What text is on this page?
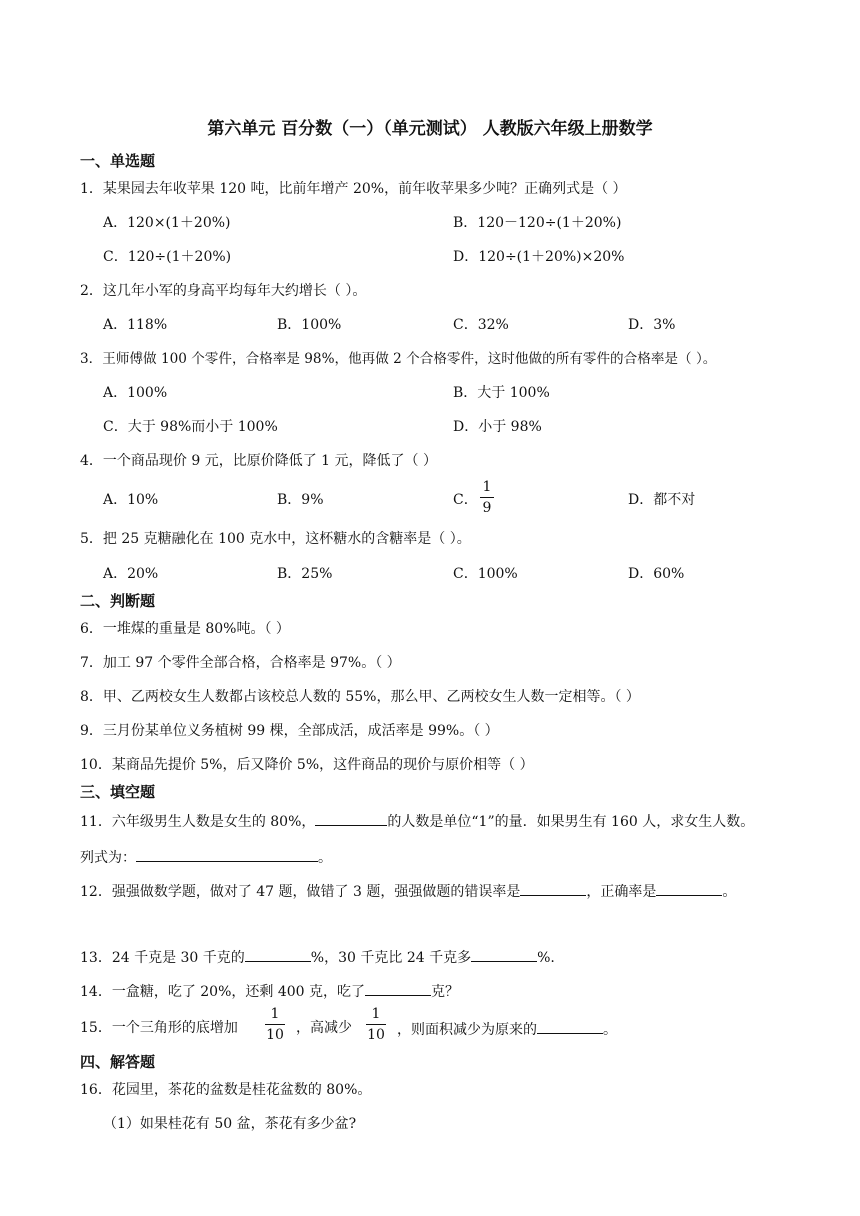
第六单元 百分数（一）（单元测试） 人教版六年级上册数学
一、单选题
1．某果园去年收苹果 120 吨，比前年增产 20%，前年收苹果多少吨？正确列式是（ ）
A．120×(1＋20%)	B．120－120÷(1＋20%)
C．120÷(1＋20%)	D．120÷(1＋20%)×20%
2．这几年小军的身高平均每年大约增长（ ）。
A．118%	B．100%	C．32%	D．3%
3．王师傅做 100 个零件，合格率是 98%，他再做 2 个合格零件，这时他做的所有零件的合格率是（ ）。
A．100%	B．大于 100%
C．大于 98%而小于 100%	D．小于 98%
4．一个商品现价 9 元，比原价降低了 1 元，降低了（ ）
A．10%	B．9%	C．
1
9	D．都不对
5．把 25 克糖融化在 100 克水中，这杯糖水的含糖率是（ ）。
A．20%	B．25%	C．100%	D．60%
二、判断题
6．一堆煤的重量是 80%吨。（ ）
7．加工 97 个零件全部合格，合格率是 97%。（ ）
8．甲、乙两校女生人数都占该校总人数的 55%，那么甲、乙两校女生人数一定相等。（ ）
9．三月份某单位义务植树 99 棵，全部成活，成活率是 99%。（ ）
10．某商品先提价 5%，后又降价 5%，这件商品的现价与原价相等（ ）
三、填空题
11．六年级男生人数是女生的 80%，	的人数是单位“1”的量．如果男生有 160 人，求女生人数。
列式为：	。
12．强强做数学题，做对了 47 题，做错了 3 题，强强做题的错误率是	，正确率是	。
13．24 千克是 30 千克的	%，30 千克比 24 千克多	%.
14．一盒糖，吃了 20%，还剩 400 克，吃了	克？
15．一个三角形的底增加
1
10 ，高减少
1
10 ，则面积减少为原来的	。
四、解答题
16．花园里，茶花的盆数是桂花盆数的 80%。
（1）如果桂花有 50 盆，茶花有多少盆?
